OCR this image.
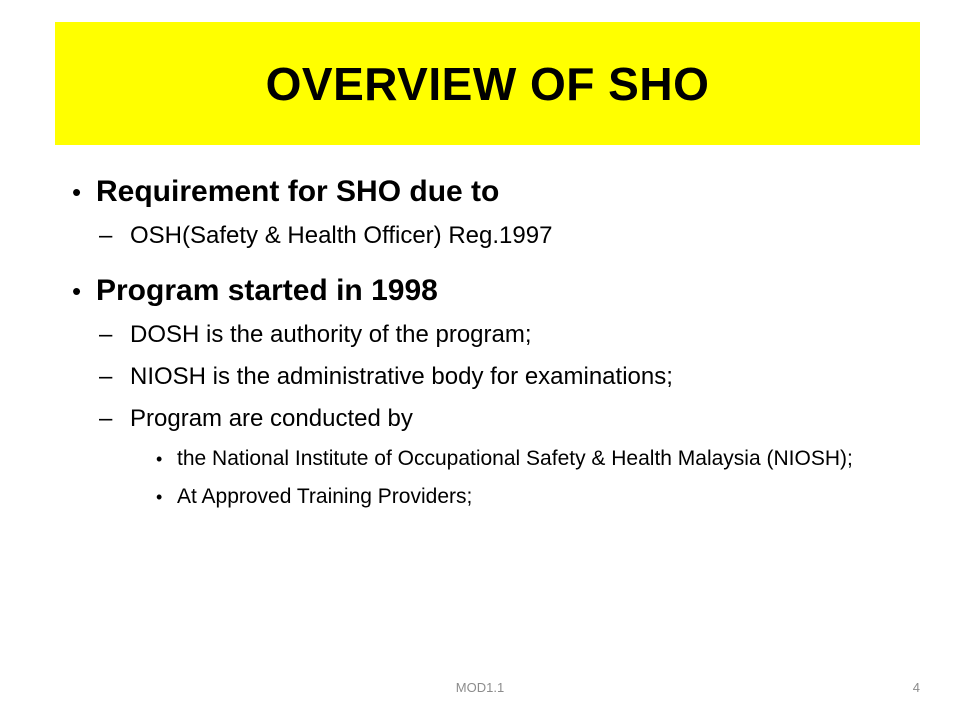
OVERVIEW OF SHO
• Requirement for SHO due to
– OSH(Safety & Health Officer) Reg.1997
• Program started in 1998
– DOSH is the authority of the program;
– NIOSH is the administrative body for examinations;
– Program are conducted by
• the National Institute of Occupational Safety & Health Malaysia (NIOSH);
• At Approved Training Providers;
MOD1.1	4
